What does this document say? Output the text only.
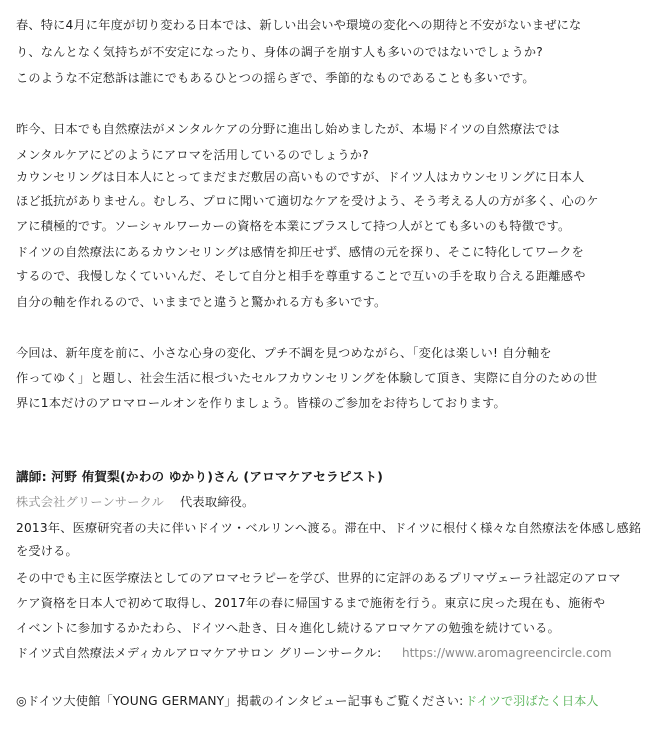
春、特に4月に年度が切り変わる日本では、新しい出会いや環境の変化への期待と不安がないまぜにな
り、なんとなく気持ちが不安定になったり、身体の調子を崩す人も多いのではないでしょうか?
このような不定愁訴は誰にでもあるひとつの揺らぎで、季節的なものであることも多いです。
昨今、日本でも自然療法がメンタルケアの分野に進出し始めましたが、本場ドイツの自然療法では
メンタルケアにどのようにアロマを活用しているのでしょうか?
カウンセリングは日本人にとってまだまだ敷居の高いものですが、ドイツ人はカウンセリングに日本人
ほど抵抗がありません。むしろ、プロに聞いて適切なケアを受けよう、そう考える人の方が多く、心のケ
アに積極的です。ソーシャルワーカーの資格を本業にプラスして持つ人がとても多いのも特徴です。
ドイツの自然療法にあるカウンセリングは感情を抑圧せず、感情の元を探り、そこに特化してワークを
するので、我慢しなくていいんだ、そして自分と相手を尊重することで互いの手を取り合える距離感や
自分の軸を作れるので、いままでと違うと驚かれる方も多いです。
今回は、新年度を前に、小さな心身の変化、プチ不調を見つめながら、「変化は楽しい! 自分軸を
作ってゆく」と題し、社会生活に根づいたセルフカウンセリングを体験して頂き、実際に自分のための世
界に1本だけのアロマロールオンを作りましょう。皆様のご参加をお待ちしております。
講師: 河野 侑賀梨(かわの ゆかり)さん (アロマケアセラピスト)
株式会社グリーンサークル 代表取締役。
2013年、医療研究者の夫に伴いドイツ・ベルリンへ渡る。滞在中、ドイツに根付く様々な自然療法を体感し感銘
を受ける。
その中でも主に医学療法としてのアロマセラピーを学び、世界的に定評のあるプリマヴェーラ社認定のアロマ
ケア資格を日本人で初めて取得し、2017年の春に帰国するまで施術を行う。東京に戻った現在も、施術や
イベントに参加するかたわら、ドイツへ赴き、日々進化し続けるアロマケアの勉強を続けている。
ドイツ式自然療法メディカルアロマケアサロン グリーンサークル: https://www.aromagreencircle.com
◎ドイツ大使館「YOUNG GERMANY」掲載のインタビュー記事もご覧ください: ドイツで羽ばたく日本人
